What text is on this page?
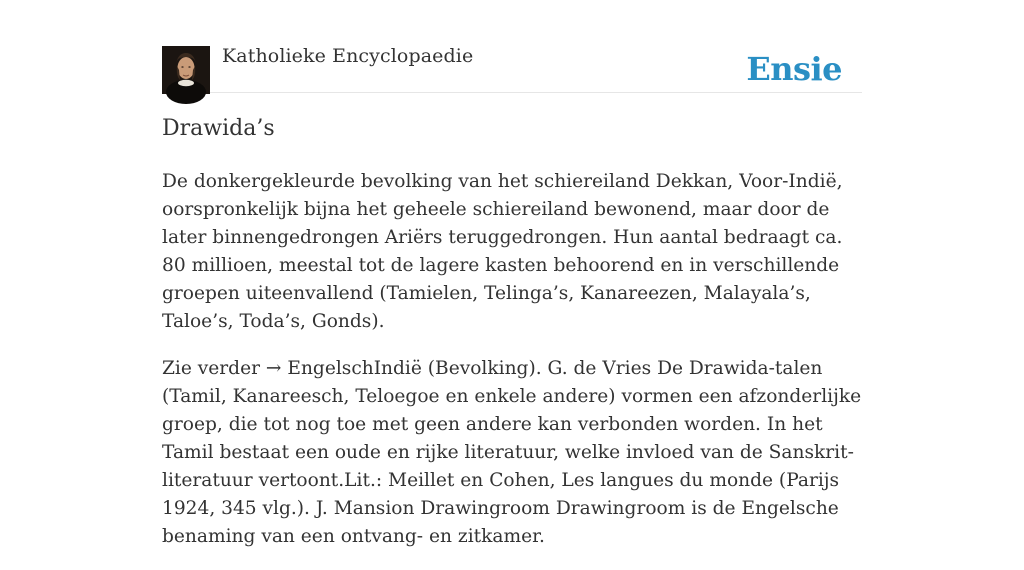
Katholieke Encyclopaedie	Ensie
Drawida’s

De donkergekleurde bevolking van het schiereiland Dekkan, Voor-Indië, oorspronkelijk bijna het geheele schiereiland bewonend, maar door de later binnengedrongen Ariërs teruggedrongen. Hun aantal bedraagt ca. 80 millioen, meestal tot de lagere kasten behoorend en in verschillende groepen uiteenvallend (Tamielen, Telinga’s, Kanareezen, Malayala’s, Taloe’s, Toda’s, Gonds).

Zie verder → EngelschIndië (Bevolking). G. de Vries De Drawida-talen (Tamil, Kanareesch, Teloegoe en enkele andere) vormen een afzonderlijke groep, die tot nog toe met geen andere kan verbonden worden. In het Tamil bestaat een oude en rijke literatuur, welke invloed van de Sanskrit-literatuur vertoont.Lit.: Meillet en Cohen, Les langues du monde (Parijs 1924, 345 vlg.). J. Mansion Drawingroom Drawingroom is de Engelsche benaming van een ontvang- en zitkamer.
